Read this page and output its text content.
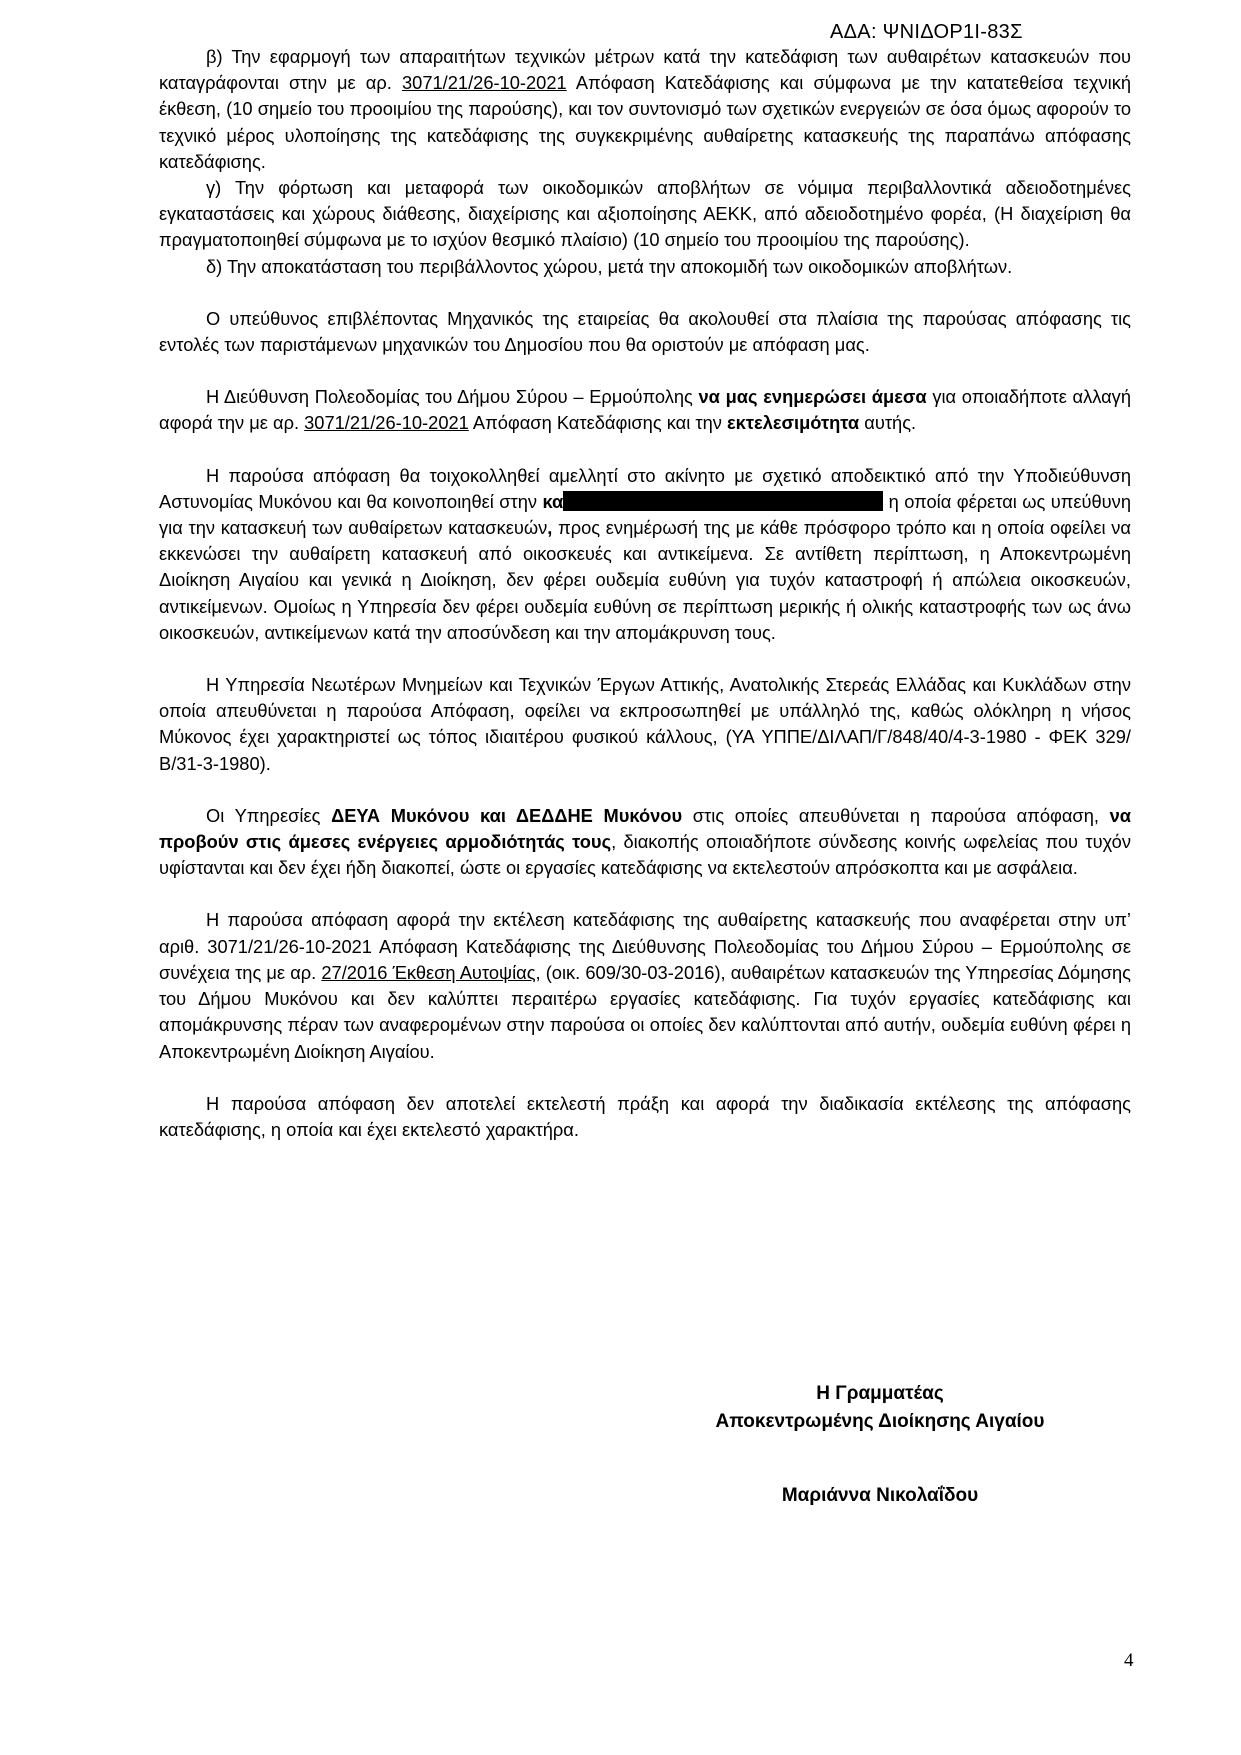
ΑΔΑ: ΨΝΙΔΟΡ1Ι-83Σ

β) Την εφαρμογή των απαραιτήτων τεχνικών μέτρων κατά την κατεδάφιση των αυθαιρέτων κατασκευών που καταγράφονται στην με αρ. 3071/21/26-10-2021 Απόφαση Κατεδάφισης και σύμφωνα με την κατατεθείσα τεχνική έκθεση, (10 σημείο του προοιμίου της παρούσης), και τον συντονισμό των σχετικών ενεργειών σε όσα όμως αφορούν το τεχνικό μέρος υλοποίησης της κατεδάφισης της συγκεκριμένης αυθαίρετης κατασκευής της παραπάνω απόφασης κατεδάφισης.

γ) Την φόρτωση και μεταφορά των οικοδομικών αποβλήτων σε νόμιμα περιβαλλοντικά αδειοδοτημένες εγκαταστάσεις και χώρους διάθεσης, διαχείρισης και αξιοποίησης ΑΕΚΚ, από αδειοδοτημένο φορέα, (Η διαχείριση θα πραγματοποιηθεί σύμφωνα με το ισχύον θεσμικό πλαίσιο) (10 σημείο του προοιμίου της παρούσης).

δ) Την αποκατάσταση του περιβάλλοντος χώρου, μετά την αποκομιδή των οικοδομικών αποβλήτων.

Ο υπεύθυνος επιβλέποντας Μηχανικός της εταιρείας θα ακολουθεί στα πλαίσια της παρούσας απόφασης τις εντολές των παριστάμενων μηχανικών του Δημοσίου που θα οριστούν με απόφαση μας.

Η Διεύθυνση Πολεοδομίας του Δήμου Σύρου – Ερμούπολης να μας ενημερώσει άμεσα για οποιαδήποτε αλλαγή αφορά την με αρ. 3071/21/26-10-2021 Απόφαση Κατεδάφισης και την εκτελεσιμότητα αυτής.

Η παρούσα απόφαση θα τοιχοκολληθεί αμελλητί στο ακίνητο με σχετικό αποδεικτικό από την Υποδιεύθυνση Αστυνομίας Μυκόνου και θα κοινοποιηθεί στην κα	η οποία φέρεται ως υπεύθυνη για την κατασκευή των αυθαίρετων κατασκευών, προς ενημέρωσή της με κάθε πρόσφορο τρόπο και η οποία οφείλει να εκκενώσει την αυθαίρετη κατασκευή από οικοσκευές και αντικείμενα. Σε αντίθετη περίπτωση, η Αποκεντρωμένη Διοίκηση Αιγαίου και γενικά η Διοίκηση, δεν φέρει ουδεμία ευθύνη για τυχόν καταστροφή ή απώλεια οικοσκευών, αντικείμενων. Ομοίως η Υπηρεσία δεν φέρει ουδεμία ευθύνη σε περίπτωση μερικής ή ολικής καταστροφής των ως άνω οικοσκευών, αντικείμενων κατά την αποσύνδεση και την απομάκρυνση τους.

Η Υπηρεσία Νεωτέρων Μνημείων και Τεχνικών Έργων Αττικής, Ανατολικής Στερεάς Ελλάδας και Κυκλάδων στην οποία απευθύνεται η παρούσα Απόφαση, οφείλει να εκπροσωπηθεί με υπάλληλό της, καθώς ολόκληρη η νήσος Μύκονος έχει χαρακτηριστεί ως τόπος ιδιαιτέρου φυσικού κάλλους, (ΥΑ ΥΠΠΕ/ΔΙΛΑΠ/Γ/848/40/4-3-1980 - ΦΕΚ 329/Β/31-3-1980).

Οι Υπηρεσίες ΔΕΥΑ Μυκόνου και ΔΕΔΔΗΕ Μυκόνου στις οποίες απευθύνεται η παρούσα απόφαση, να προβούν στις άμεσες ενέργειες αρμοδιότητάς τους, διακοπής οποιαδήποτε σύνδεσης κοινής ωφελείας που τυχόν υφίστανται και δεν έχει ήδη διακοπεί, ώστε οι εργασίες κατεδάφισης να εκτελεστούν απρόσκοπτα και με ασφάλεια.

Η παρούσα απόφαση αφορά την εκτέλεση κατεδάφισης της αυθαίρετης κατασκευής που αναφέρεται στην υπ’ αριθ. 3071/21/26-10-2021 Απόφαση Κατεδάφισης της Διεύθυνσης Πολεοδομίας του Δήμου Σύρου – Ερμούπολης σε συνέχεια της με αρ. 27/2016 Έκθεση Αυτοψίας, (οικ. 609/30-03-2016), αυθαιρέτων κατασκευών της Υπηρεσίας Δόμησης του Δήμου Μυκόνου και δεν καλύπτει περαιτέρω εργασίες κατεδάφισης. Για τυχόν εργασίες κατεδάφισης και απομάκρυνσης πέραν των αναφερομένων στην παρούσα οι οποίες δεν καλύπτονται από αυτήν, ουδεμία ευθύνη φέρει η Αποκεντρωμένη Διοίκηση Αιγαίου.

Η παρούσα απόφαση δεν αποτελεί εκτελεστή πράξη και αφορά την διαδικασία εκτέλεσης της απόφασης κατεδάφισης, η οποία και έχει εκτελεστό χαρακτήρα.

Η Γραμματέας
Αποκεντρωμένης Διοίκησης Αιγαίου
Μαριάννα Νικολαΐδου
4
